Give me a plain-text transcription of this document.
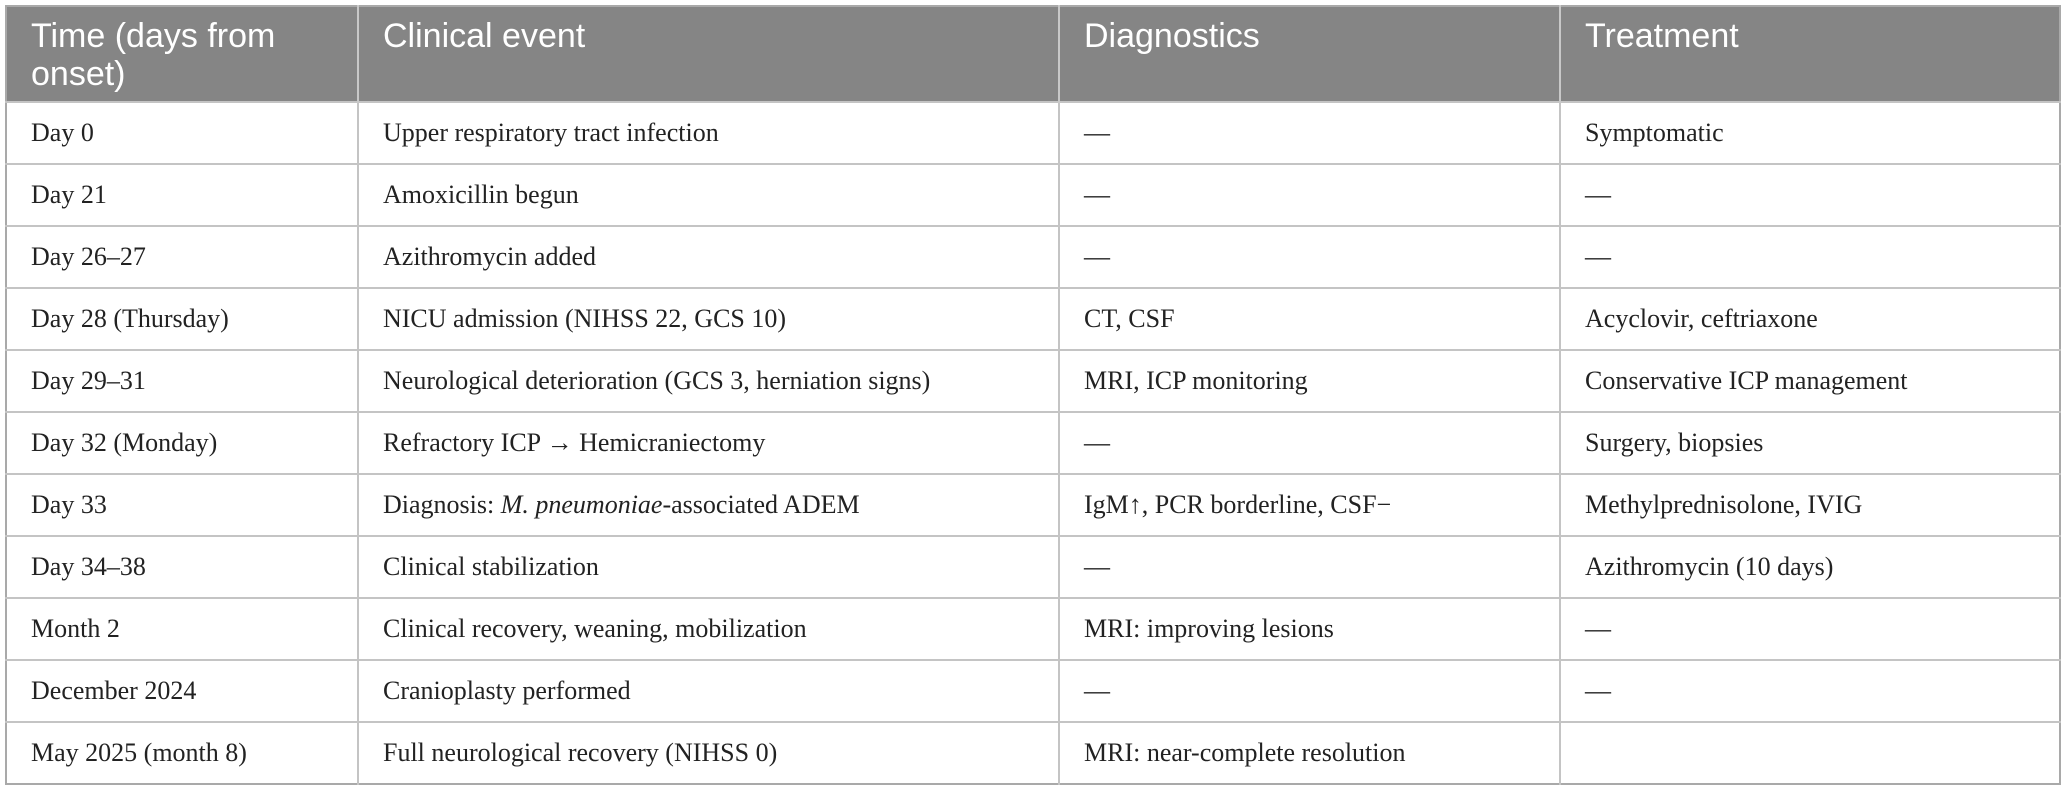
Time (days from onset)	Clinical event	Diagnostics	Treatment
Day 0	Upper respiratory tract infection	—	Symptomatic
Day 21	Amoxicillin begun	—	—
Day 26–27	Azithromycin added	—	—
Day 28 (Thursday)	NICU admission (NIHSS 22, GCS 10)	CT, CSF	Acyclovir, ceftriaxone
Day 29–31	Neurological deterioration (GCS 3, herniation signs)	MRI, ICP monitoring	Conservative ICP management
Day 32 (Monday)	Refractory ICP → Hemicraniectomy	—	Surgery, biopsies
Day 33	Diagnosis: M. pneumoniae-associated ADEM	IgM↑, PCR borderline, CSF−	Methylprednisolone, IVIG
Day 34–38	Clinical stabilization	—	Azithromycin (10 days)
Month 2	Clinical recovery, weaning, mobilization	MRI: improving lesions	—
December 2024	Cranioplasty performed	—	—
May 2025 (month 8)	Full neurological recovery (NIHSS 0)	MRI: near-complete resolution	
